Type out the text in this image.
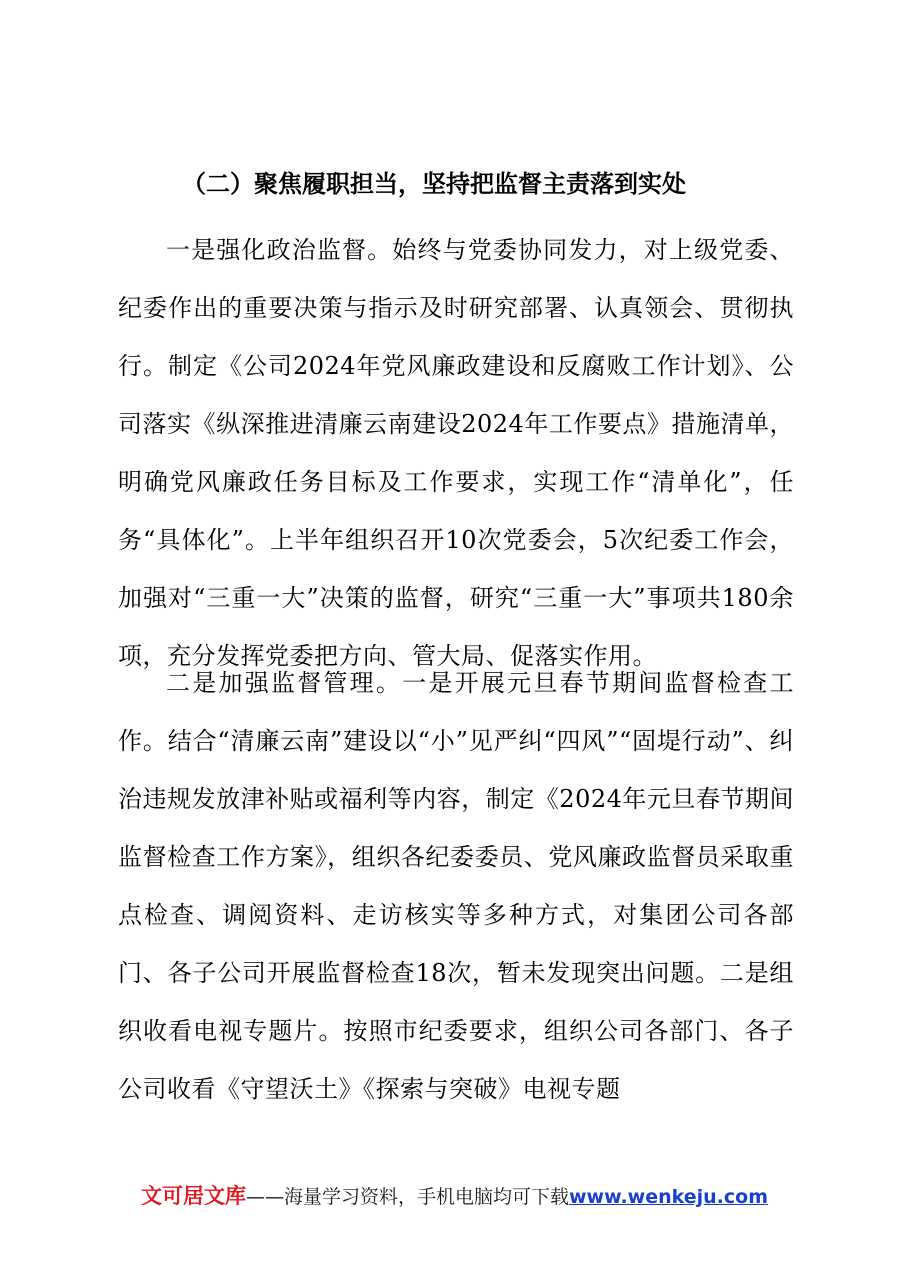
（二）聚焦履职担当，坚持把监督主责落到实处
一是强化政治监督。始终与党委协同发力，对上级党委、纪委作出的重要决策与指示及时研究部署、认真领会、贯彻执行。制定《公司2024年党风廉政建设和反腐败工作计划》、公司落实《纵深推进清廉云南建设2024年工作要点》措施清单，明确党风廉政任务目标及工作要求，实现工作“清单化”，任务“具体化”。上半年组织召开10次党委会，5次纪委工作会，加强对“三重一大”决策的监督，研究“三重一大”事项共180余项，充分发挥党委把方向、管大局、促落实作用。
二是加强监督管理。一是开展元旦春节期间监督检查工作。结合“清廉云南”建设以“小”见严纠“四风”“固堤行动”、纠治违规发放津补贴或福利等内容，制定《2024年元旦春节期间监督检查工作方案》，组织各纪委委员、党风廉政监督员采取重点检查、调阅资料、走访核实等多种方式，对集团公司各部门、各子公司开展监督检查18次，暂未发现突出问题。二是组织收看电视专题片。按照市纪委要求，组织公司各部门、各子公司收看《守望沃土》《探索与突破》电视专题
文可居文库——海量学习资料，手机电脑均可下载www.wenkeju.com
